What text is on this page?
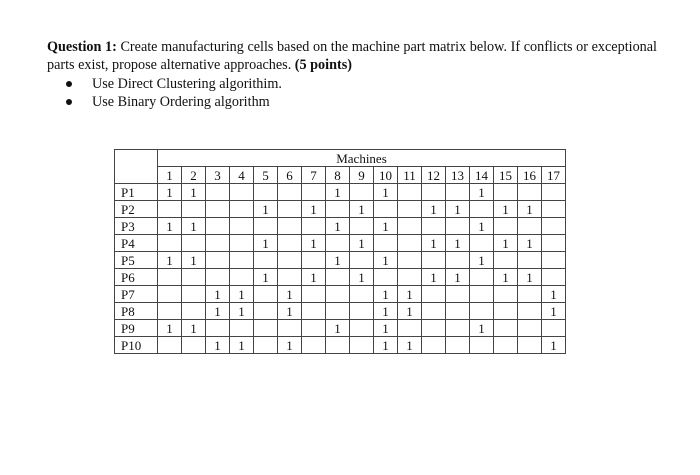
Question 1: Create manufacturing cells based on the machine part matrix below. If conflicts or exceptional parts exist, propose alternative approaches. (5 points)
Use Direct Clustering algorithim.
Use Binary Ordering algorithm
	Machines																
	1	2	3	4	5	6	7	8	9	10	11	12	13	14	15	16	17
P1	1	1						1		1				1			
P2					1		1		1			1	1		1	1	
P3	1	1						1		1				1			
P4					1		1		1			1	1		1	1	
P5	1	1						1		1				1			
P6					1		1		1			1	1		1	1	
P7			1	1		1				1	1						1
P8			1	1		1				1	1						1
P9	1	1						1		1				1			
P10			1	1		1				1	1						1
